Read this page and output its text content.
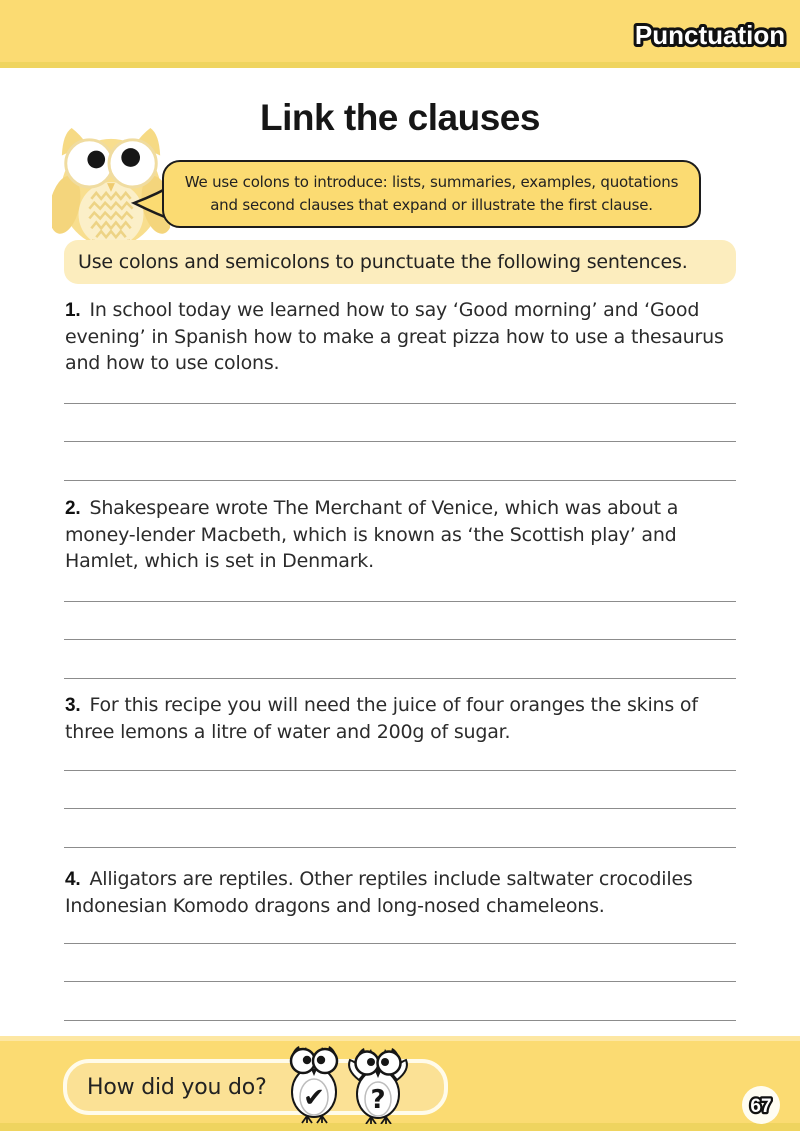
Punctuation
Link the clauses
We use colons to introduce: lists, summaries, examples, quotations
and second clauses that expand or illustrate the first clause.
Use colons and semicolons to punctuate the following sentences.
1. In school today we learned how to say ‘Good morning’ and ‘Good evening’ in Spanish how to make a great pizza how to use a thesaurus and how to use colons.
2. Shakespeare wrote The Merchant of Venice, which was about a money-lender Macbeth, which is known as ‘the Scottish play’ and Hamlet, which is set in Denmark.
3. For this recipe you will need the juice of four oranges the skins of three lemons a litre of water and 200g of sugar.
4. Alligators are reptiles. Other reptiles include saltwater crocodiles Indonesian Komodo dragons and long-nosed chameleons.
How did you do? ✔ ?	67
